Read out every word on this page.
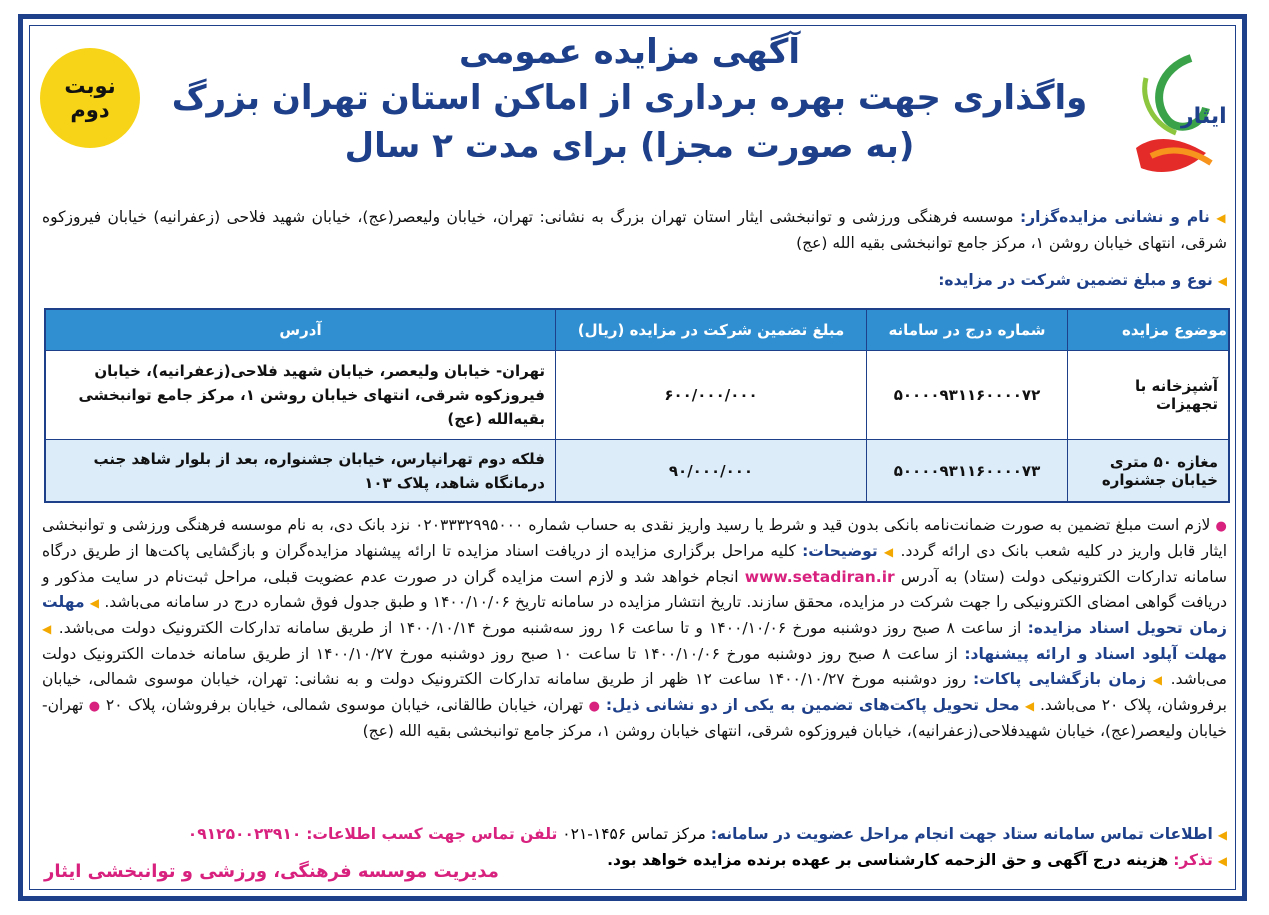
نوبت
دوم	ایثار
آگهی مزایده عمومی
واگذاری جهت بهره برداری از اماکن استان تهران بزرگ
(به صورت مجزا) برای مدت ۲ سال
◀ نام و نشانی مزایده‌گزار: موسسه فرهنگی ورزشی و توانبخشی ایثار استان تهران بزرگ به نشانی: تهران، خیابان ولیعصر(عج)، خیابان شهید فلاحی (زعفرانیه) خیابان فیروزکوه شرقی، انتهای خیابان روشن ۱، مرکز جامع توانبخشی بقیه الله (عج)
◀ نوع و مبلغ تضمین شرکت در مزایده:
موضوع مزایده	شماره درج در سامانه	مبلغ تضمین شرکت در مزایده (ریال)	آدرس
آشپزخانه با تجهیزات	۵۰۰۰۰۹۳۱۱۶۰۰۰۰۷۲	۶۰۰/۰۰۰/۰۰۰	تهران- خیابان ولیعصر، خیابان شهید فلاحی(زعفرانیه)، خیابان فیروزکوه شرقی، انتهای خیابان روشن ۱، مرکز جامع توانبخشی بقیه‌الله (عج)
مغازه ۵۰ متری خیابان جشنواره	۵۰۰۰۰۹۳۱۱۶۰۰۰۰۷۳	۹۰/۰۰۰/۰۰۰	فلکه دوم تهرانپارس، خیابان جشنواره، بعد از بلوار شاهد جنب درمانگاه شاهد، پلاک ۱۰۳
● لازم است مبلغ تضمین به صورت ضمانت‌نامه بانکی بدون قید و شرط یا رسید واریز نقدی به حساب شماره ۰۲۰۳۳۳۲۹۹۵۰۰۰ نزد بانک دی، به نام موسسه فرهنگی ورزشی و توانبخشی ایثار قابل واریز در کلیه شعب بانک دی ارائه گردد. ◀ توضیحات: کلیه مراحل برگزاری مزایده از دریافت اسناد مزایده تا ارائه پیشنهاد مزایده‌گران و بازگشایی پاکت‌ها از طریق درگاه سامانه تدارکات الکترونیکی دولت (ستاد) به آدرس www.setadiran.ir انجام خواهد شد و لازم است مزایده گران در صورت عدم عضویت قبلی، مراحل ثبت‌نام در سایت مذکور و دریافت گواهی امضای الکترونیکی را جهت شرکت در مزایده، محقق سازند. تاریخ انتشار مزایده در سامانه تاریخ ۱۴۰۰/۱۰/۰۶ و طبق جدول فوق شماره درج در سامانه می‌باشد. ◀ مهلت زمان تحویل اسناد مزایده: از ساعت ۸ صبح روز دوشنبه مورخ ۱۴۰۰/۱۰/۰۶ و تا ساعت ۱۶ روز سه‌شنبه مورخ ۱۴۰۰/۱۰/۱۴ از طریق سامانه تدارکات الکترونیک دولت می‌باشد. ◀ مهلت آپلود اسناد و ارائه پیشنهاد: از ساعت ۸ صبح روز دوشنبه مورخ ۱۴۰۰/۱۰/۰۶ تا ساعت ۱۰ صبح روز دوشنبه مورخ ۱۴۰۰/۱۰/۲۷ از طریق سامانه خدمات الکترونیک دولت می‌باشد. ◀ زمان بازگشایی پاکات: روز دوشنبه مورخ ۱۴۰۰/۱۰/۲۷ ساعت ۱۲ ظهر از طریق سامانه تدارکات الکترونیک دولت و به نشانی: تهران، خیابان موسوی شمالی، خیابان برفروشان، پلاک ۲۰ می‌باشد. ◀ محل تحویل پاکت‌های تضمین به یکی از دو نشانی ذیل: ● تهران، خیابان طالقانی، خیابان موسوی شمالی، خیابان برفروشان، پلاک ۲۰ ● تهران-خیابان ولیعصر(عج)، خیابان شهیدفلاحی(زعفرانیه)، خیابان فیروزکوه شرقی، انتهای خیابان روشن ۱، مرکز جامع توانبخشی بقیه الله (عج)
◀ اطلاعات تماس سامانه ستاد جهت انجام مراحل عضویت در سامانه: مرکز تماس ۱۴۵۶-۰۲۱ تلفن تماس جهت کسب اطلاعات: ۰۹۱۲۵۰۰۲۳۹۱۰
◀ تذکر: هزینه درج آگهی و حق الزحمه کارشناسی بر عهده برنده مزایده خواهد بود.
مدیریت موسسه فرهنگی، ورزشی و توانبخشی ایثار
